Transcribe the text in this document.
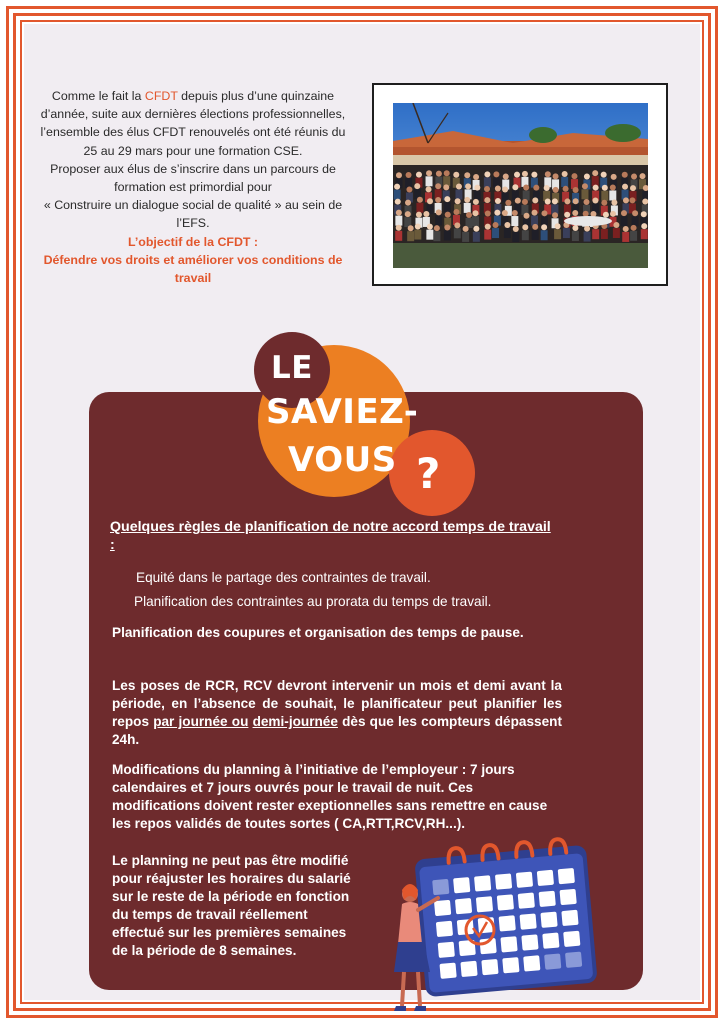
Comme le fait la CFDT depuis plus d’une quinzaine d’année, suite aux dernières élections professionnelles, l’ensemble des élus CFDT renouvelés ont été réunis du 25 au 29 mars pour une formation CSE.

Proposer aux élus de s’inscrire dans un parcours de formation est primordial pour

« Construire un dialogue social de qualité » au sein de l’EFS.

L’objectif de la CFDT :

Défendre vos droits et améliorer vos conditions de travail

LE
SAVIEZ-
VOUS ?
Quelques règles de planification de notre accord temps de travail :
Equité dans le partage des contraintes de travail.
Planification des contraintes au prorata du temps de travail.
Planification des coupures et organisation des temps de pause.
Les poses de RCR, RCV devront intervenir un mois et demi avant la période, en l’absence de souhait, le planificateur peut planifier les repos par journée ou demi-journée dès que les compteurs dépassent 24h.
Modifications du planning à l’initiative de l’employeur : 7 jours calendaires et 7 jours ouvrés pour le travail de nuit. Ces modifications doivent rester exeptionnelles sans remettre en cause les repos validés de toutes sortes ( CA,RTT,RCV,RH...).
Le planning ne peut pas être modifié pour réajuster les horaires du salarié sur le reste de la période en fonction du temps de travail réellement effectué sur les premières semaines de la période de 8 semaines.
